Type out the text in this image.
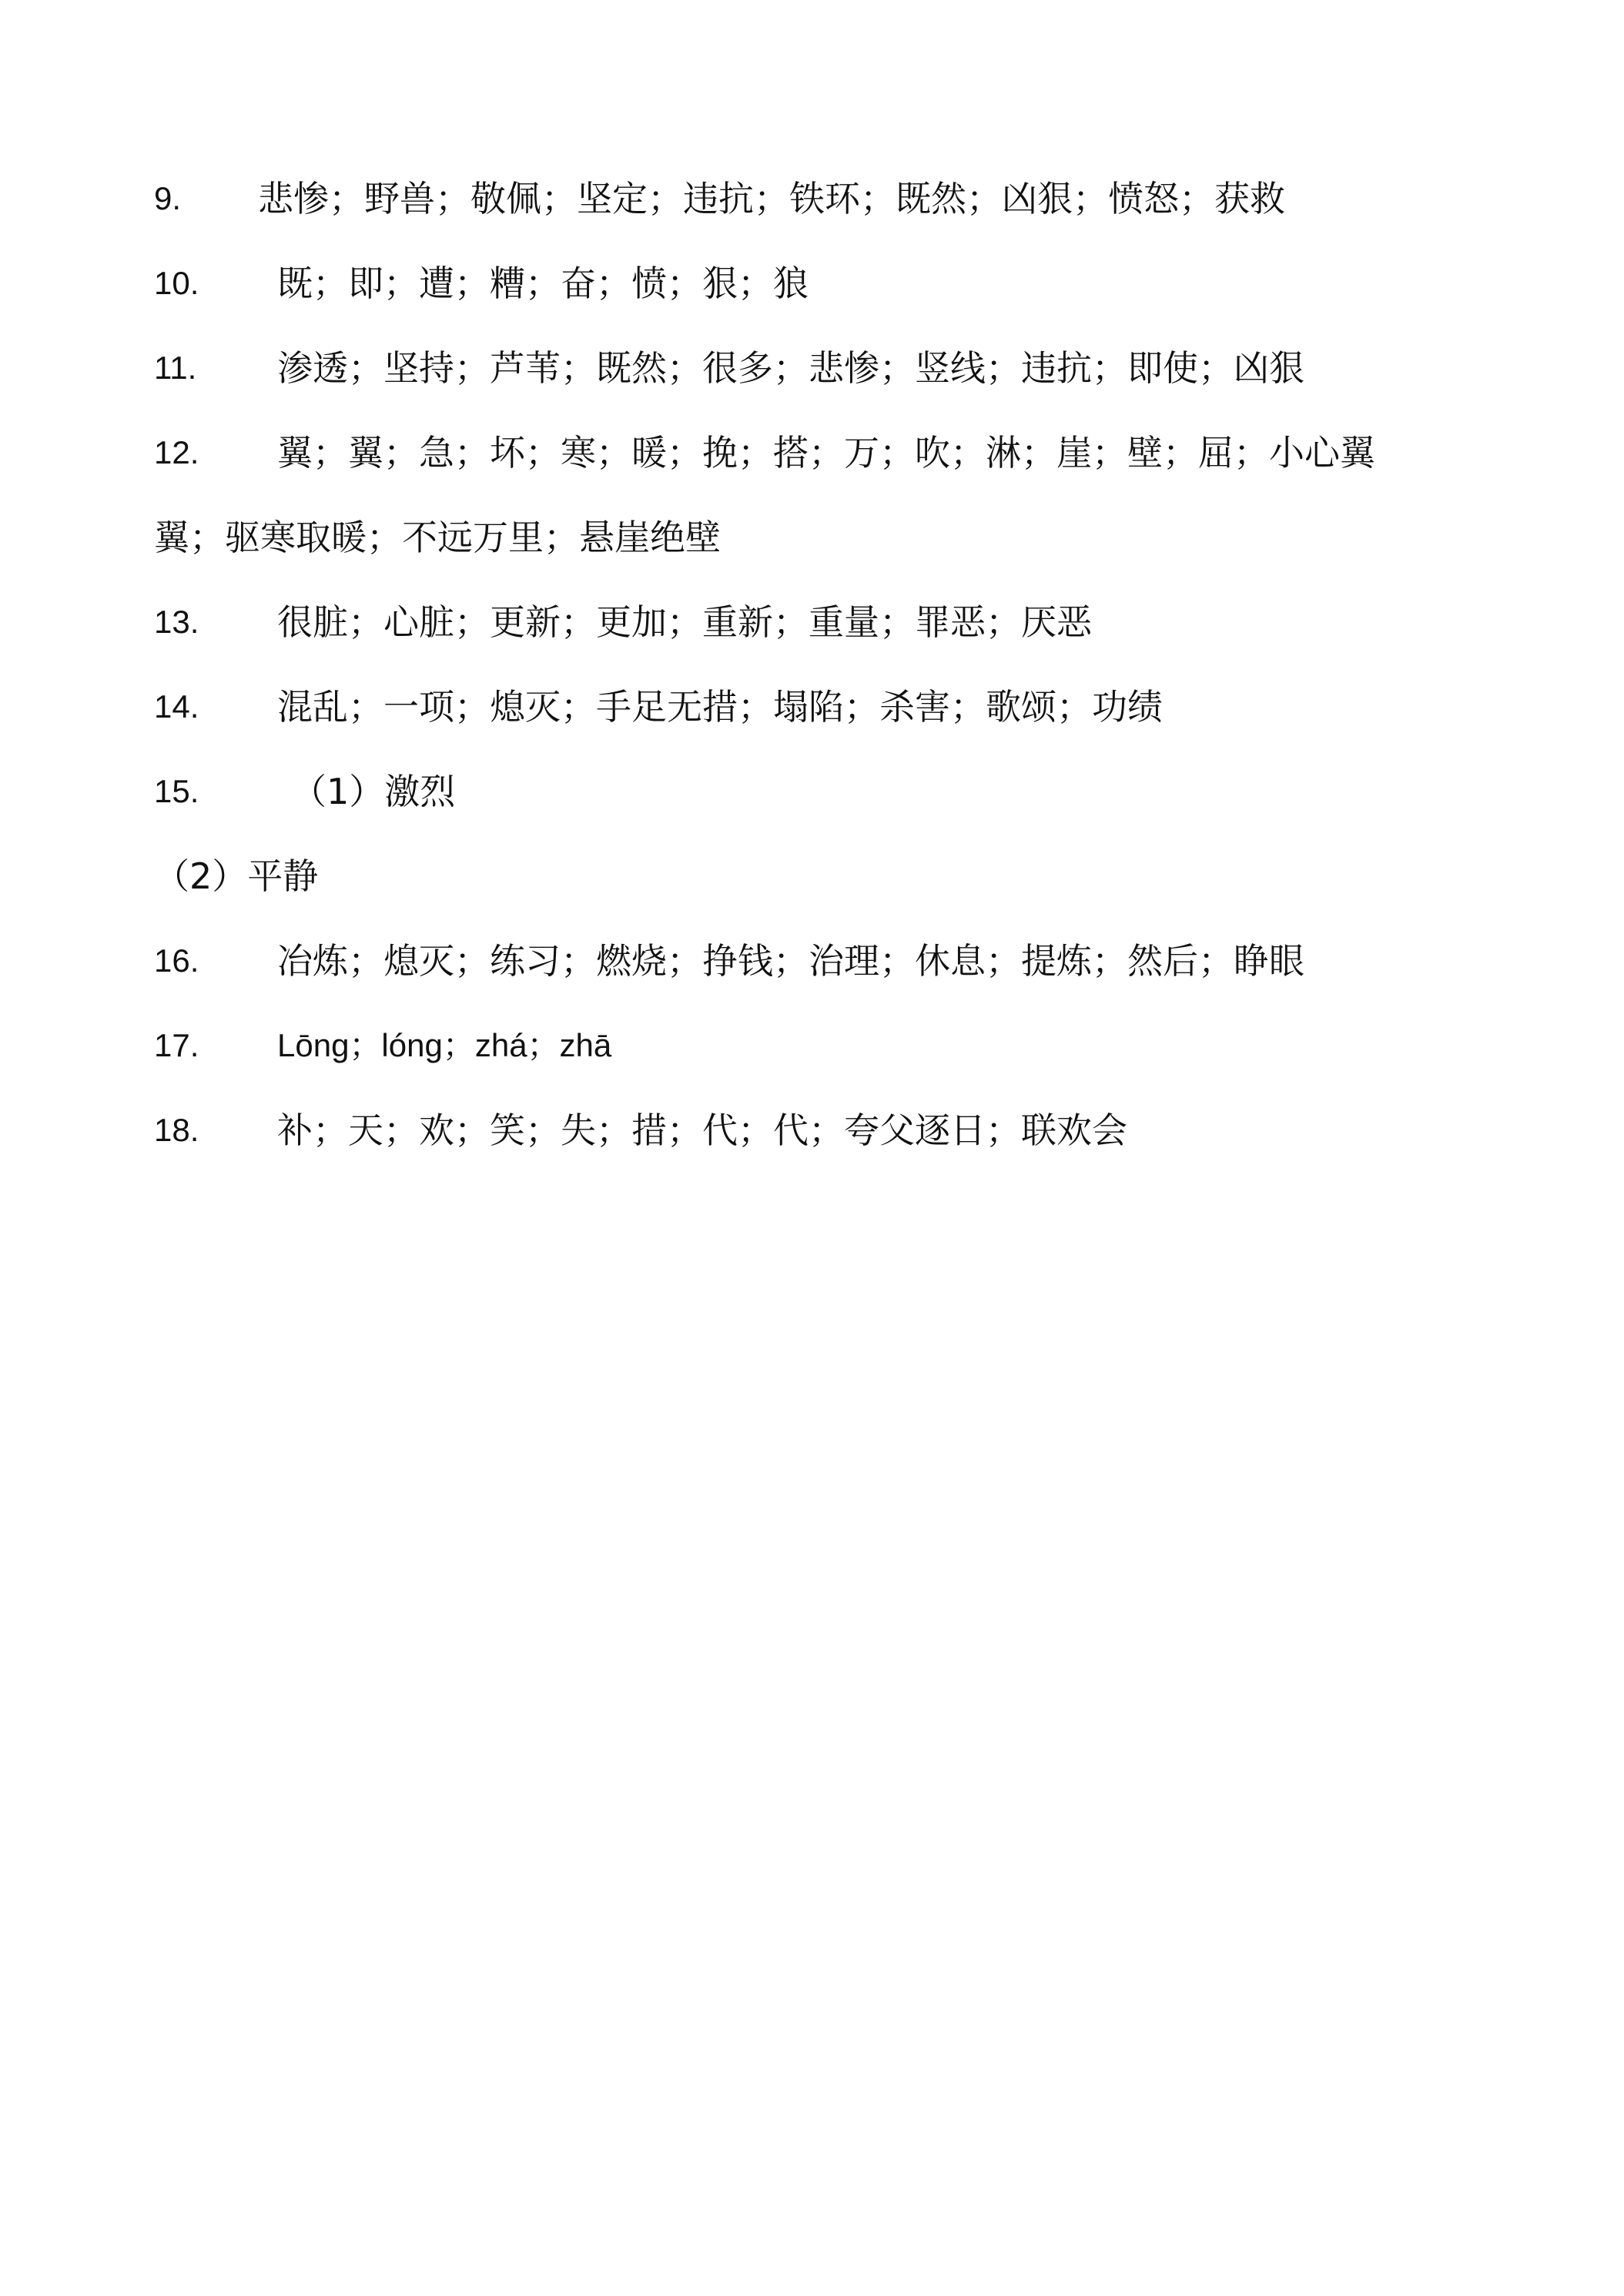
9. 悲惨；野兽；敬佩；坚定；违抗；铁环；既然；凶狠；愤怒；获救
10. 既；即；遭；糟；奋；愤；狠；狼
11. 渗透；坚持；芦苇；既然；很多；悲惨；竖线；违抗；即使；凶狠
12. 翼；翼；急；坏；寒；暖；挽；搭；万；吹；淋；崖；壁；屈；小心翼
翼；驱寒取暖；不远万里；悬崖绝壁
13. 很脏；心脏；更新；更加；重新；重量；罪恶；厌恶
14. 混乱；一项；熄灭；手足无措；塌陷；杀害；歌颂；功绩
15.	（1）激烈
（2）平静
16. 冶炼；熄灭；练习；燃烧；挣钱；治理；休息；提炼；然后；睁眼
17. Lōng；lóng；zhá；zhā
18. 补；天；欢；笑；失；措；代；代；夸父逐日；联欢会
